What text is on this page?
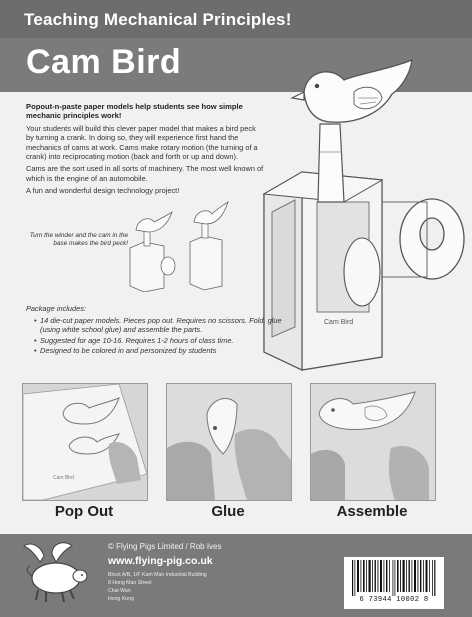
Teaching Mechanical Principles!
Cam Bird

Popout-n-paste paper models help students see how simple mechanic principles work!

Your students will build this clever paper model that makes a bird peck by turning a crank. In doing so, they will experience first hand the mechanics of cams at work. Cams make rotary motion (the turning of a crank) into reciprocating motion (back and forth or up and down).

Cams are the sort used in all sorts of machinery. The most well known of which is the engine of an automobile.

A fun and wonderful design technology project!

Cam Bird
Turn the winder and the cam in the base makes the bird peck!
Package includes:
• 14 die-cut paper models. Pieces pop out. Requires no scissors. Fold, glue (using white school glue) and assemble the parts.
• Suggested for age 10-16. Requires 1-2 hours of class time.
• Designed to be colored in and personized by students
Cam Bird
Pop Out	Glue	Assemble
© Flying Pigs Limited / Rob Ives
www.flying-pig.co.uk
Block A/B, 1/F Kam Man Industrial Building
8 Hong Man Street
Chai Wan
Hong Kong	6 73944 10002 8
